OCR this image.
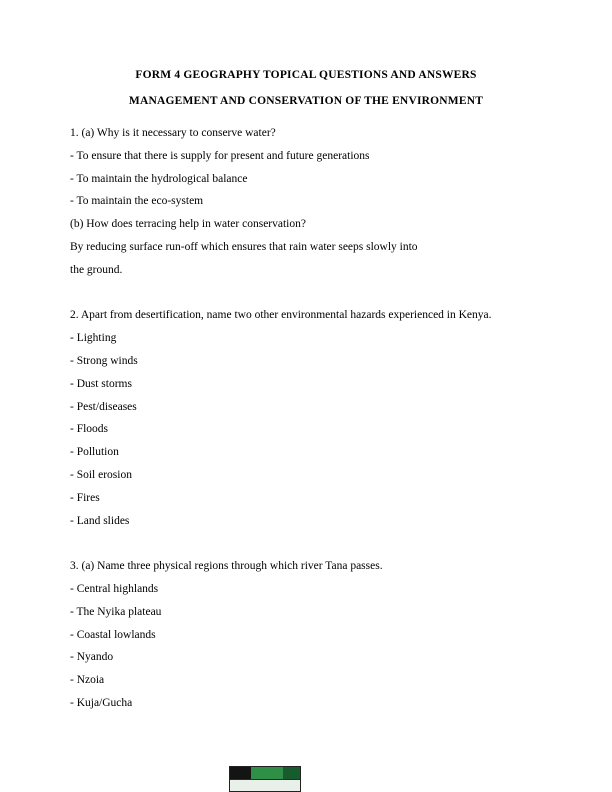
FORM 4 GEOGRAPHY TOPICAL QUESTIONS AND ANSWERS
MANAGEMENT AND CONSERVATION OF THE ENVIRONMENT
1. (a) Why is it necessary to conserve water?
- To ensure that there is supply for present and future generations
- To maintain the hydrological balance
- To maintain the eco-system
(b) How does terracing help in water conservation?
By reducing surface run-off which ensures that rain water seeps slowly into
the ground.
2. Apart from desertification, name two other environmental hazards experienced in Kenya.
- Lighting
- Strong winds
- Dust storms
- Pest/diseases
- Floods
- Pollution
- Soil erosion
- Fires
- Land slides
3. (a) Name three physical regions through which river Tana passes.
- Central highlands
- The Nyika plateau
- Coastal lowlands
- Nyando
- Nzoia
- Kuja/Gucha
